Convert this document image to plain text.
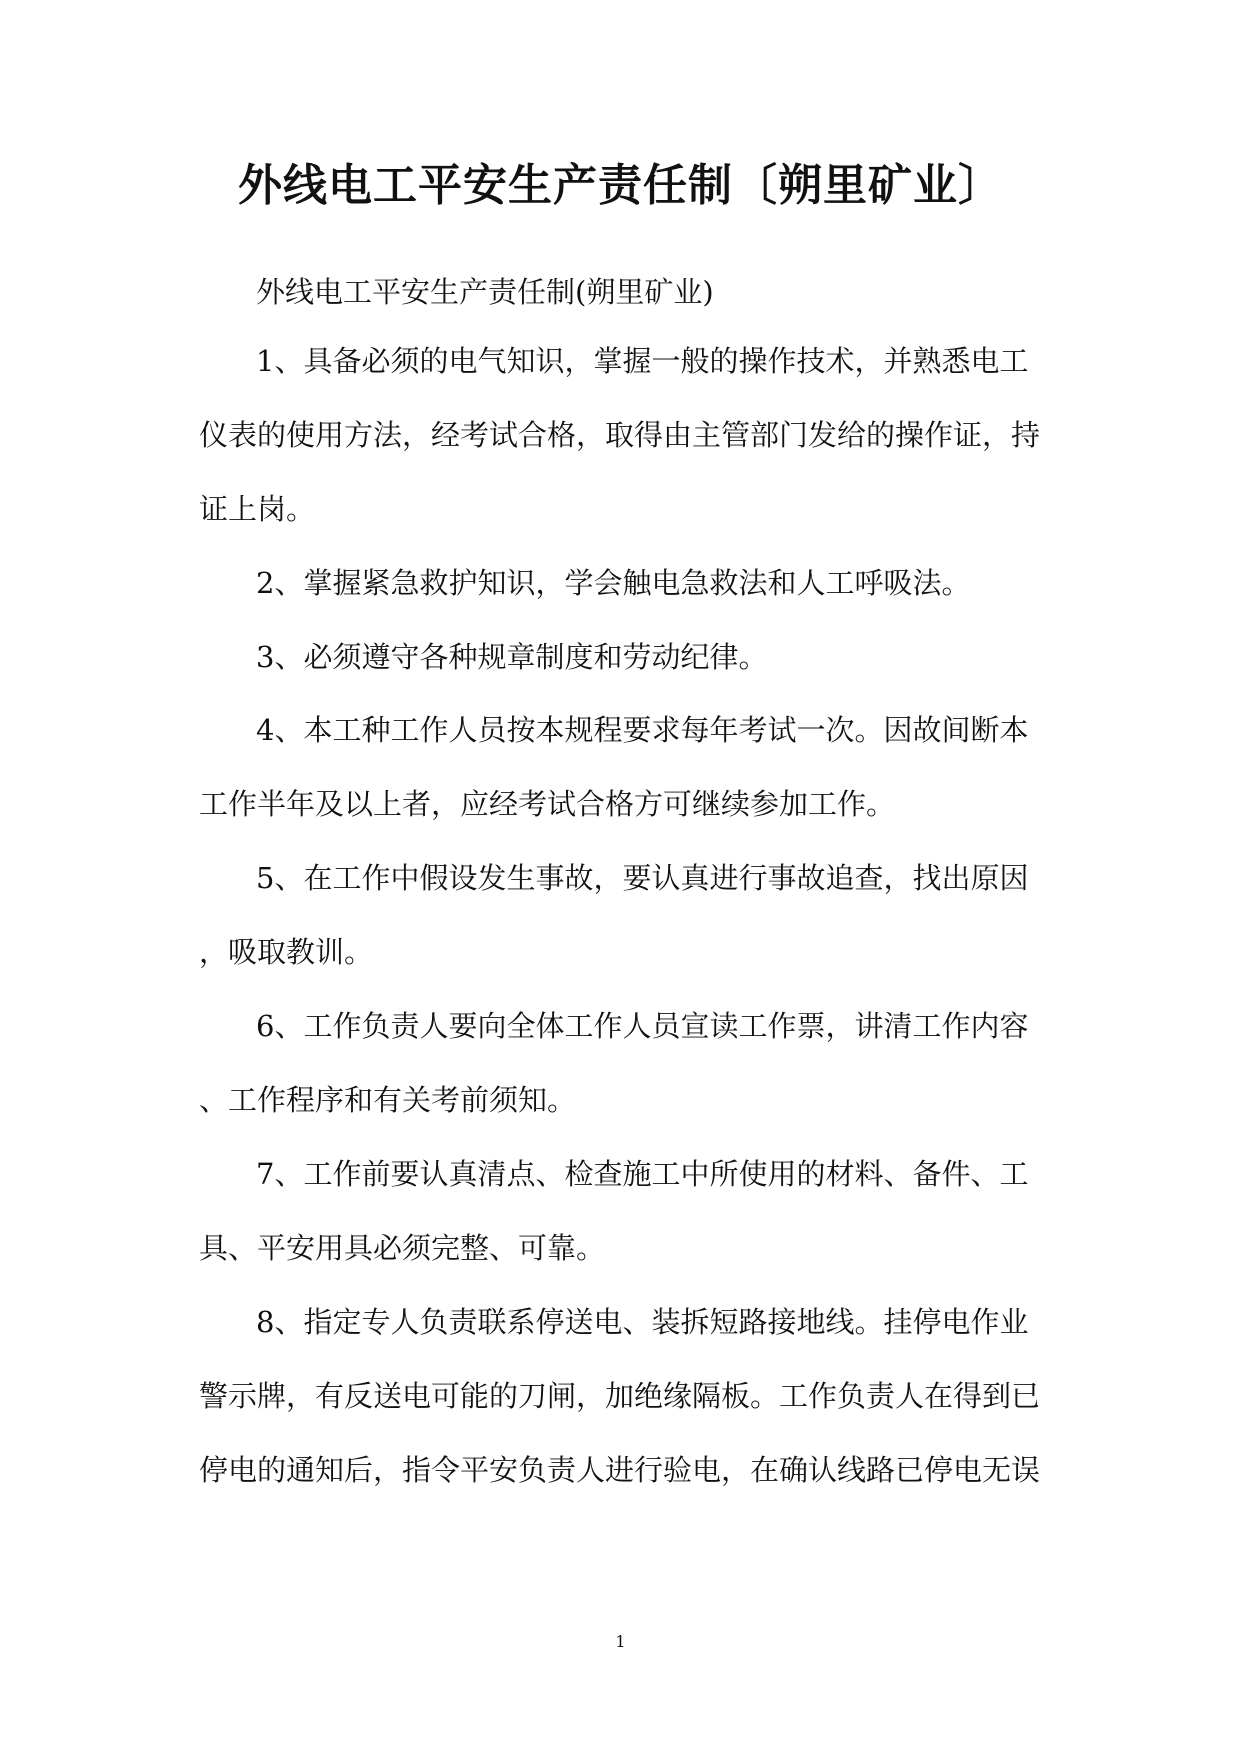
外线电工平安生产责任制〔朔里矿业〕

外线电工平安生产责任制(朔里矿业)

1、具备必须的电气知识，掌握一般的操作技术，并熟悉电工

仪表的使用方法，经考试合格，取得由主管部门发给的操作证，持

证上岗。

2、掌握紧急救护知识，学会触电急救法和人工呼吸法。

3、必须遵守各种规章制度和劳动纪律。

4、本工种工作人员按本规程要求每年考试一次。因故间断本

工作半年及以上者，应经考试合格方可继续参加工作。

5、在工作中假设发生事故，要认真进行事故追查，找出原因

，吸取教训。

6、工作负责人要向全体工作人员宣读工作票，讲清工作内容

、工作程序和有关考前须知。

7、工作前要认真清点、检查施工中所使用的材料、备件、工

具、平安用具必须完整、可靠。

8、指定专人负责联系停送电、装拆短路接地线。挂停电作业

警示牌，有反送电可能的刀闸，加绝缘隔板。工作负责人在得到已

停电的通知后，指令平安负责人进行验电，在确认线路已停电无误

1
